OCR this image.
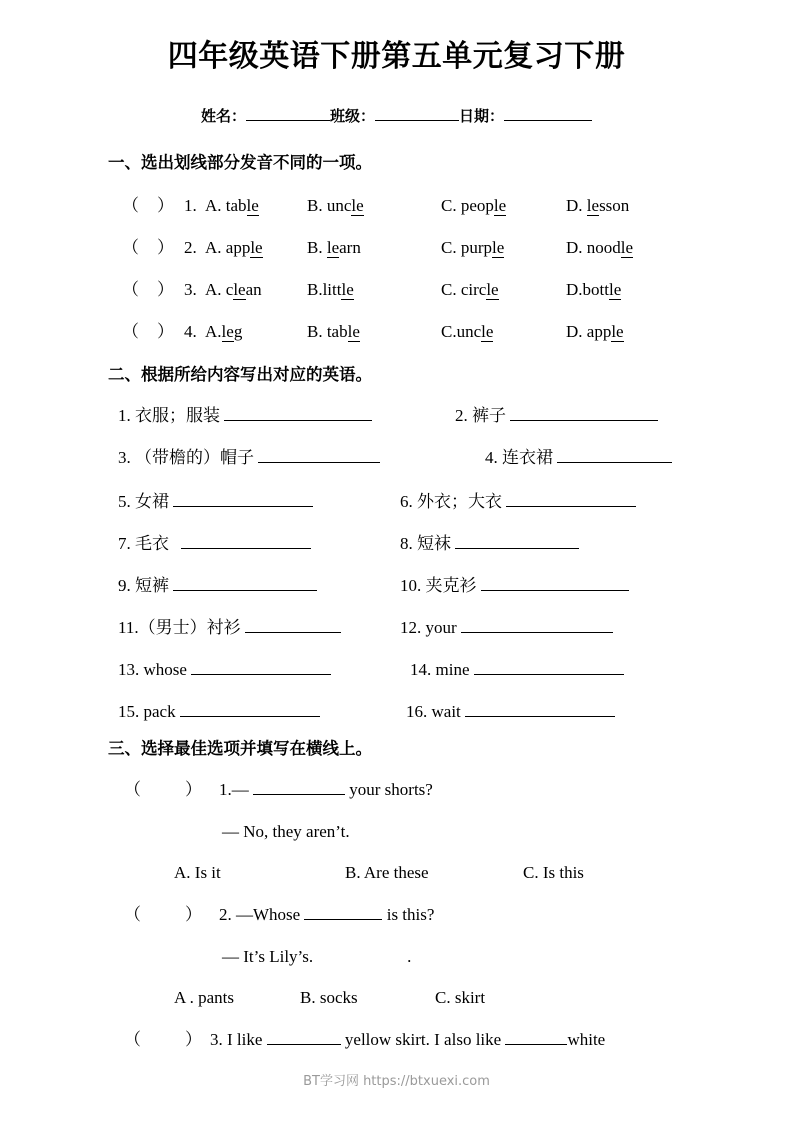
四年级英语下册第五单元复习下册
姓名：	班级：	日期：
一、选出划线部分发音不同的一项。
（ ） 1. A. table	B. uncle	C. people	D. lesson
（ ） 2. A. apple	B. learn	C. purple	D. noodle
（ ） 3. A. clean	B.little	C. circle	D.bottle
（ ） 4. A.leg	B. table	C.uncle	D. apple
二、根据所给内容写出对应的英语。
1. 衣服；服装	2. 裤子
3. （带檐的）帽子	4. 连衣裙
5. 女裙	6. 外衣；大衣
7. 毛衣	8. 短袜
9. 短裤	10. 夹克衫
11.（男士）衬衫	12. your
13. whose	14. mine
15. pack	16. wait
三、选择最佳选项并填写在横线上。
（	） 1.—	your shorts?
— No, they aren’t.
A. Is it	B. Are these	C. Is this
（	） 2. —Whose	is this?
— It’s Lily’s.	.
A . pants	B. socks	C. skirt
（	） 3. I like	yellow skirt. I also like	white
BT学习网 https://btxuexi.com
